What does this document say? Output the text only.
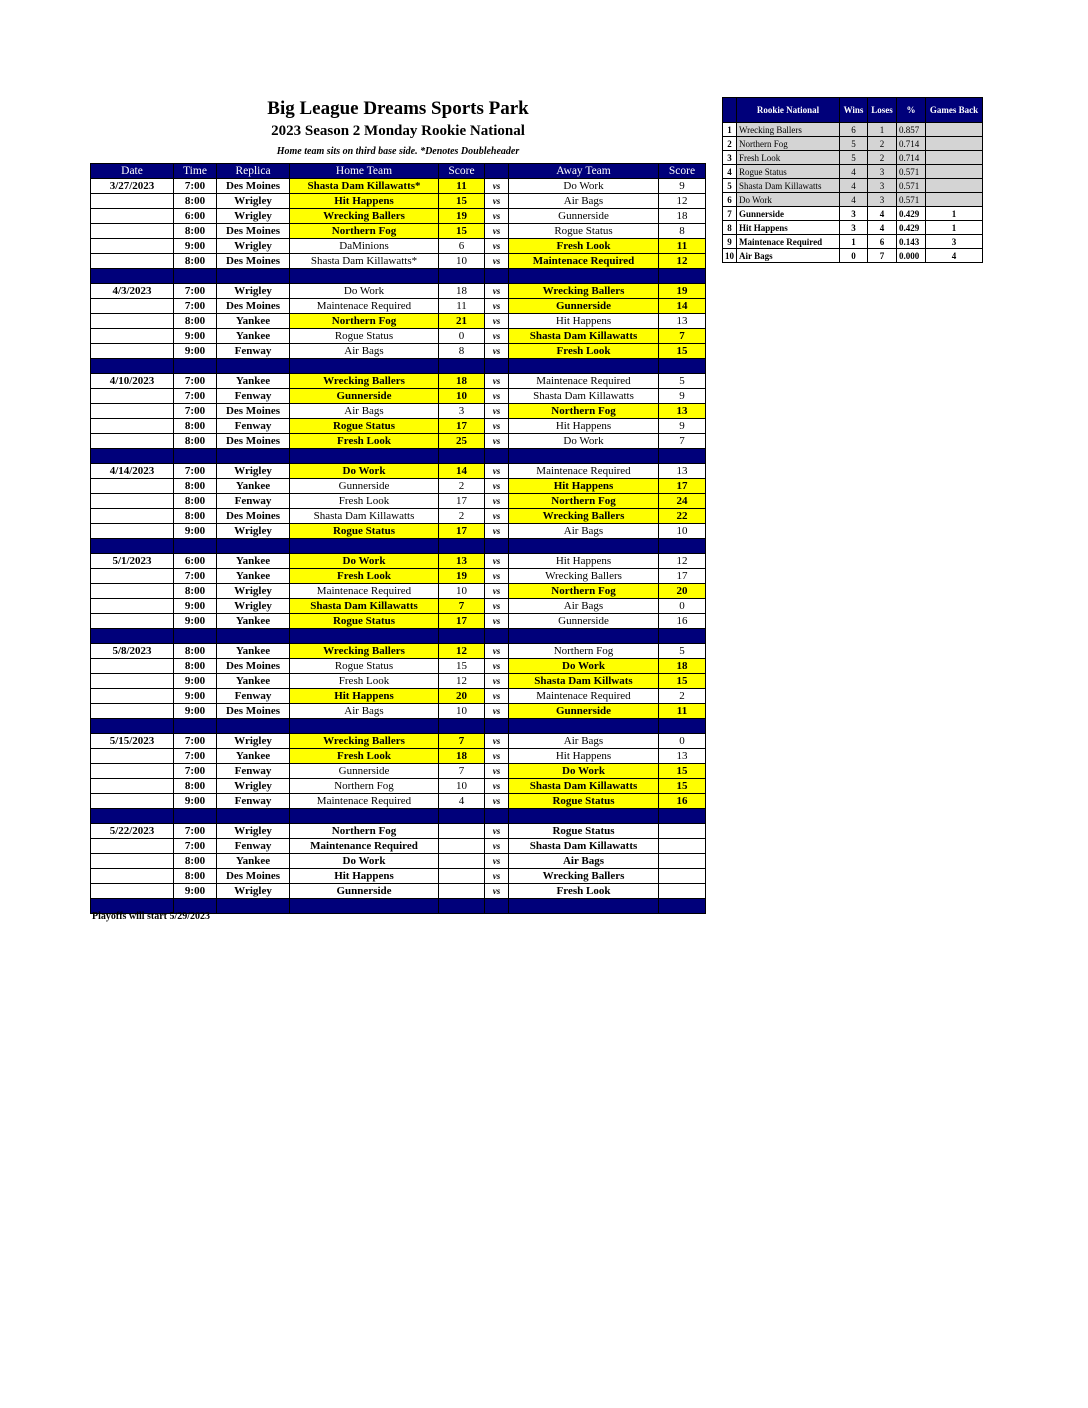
Big League Dreams Sports Park
2023 Season 2 Monday Rookie National
Home team sits on third base side. *Denotes Doubleheader
Date	Time	Replica	Home Team	Score		Away Team	Score
3/27/2023	7:00	Des Moines	Shasta Dam Killawatts*	11	vs	Do Work	9
	8:00	Wrigley	Hit Happens	15	vs	Air Bags	12
	6:00	Wrigley	Wrecking Ballers	19	vs	Gunnerside	18
	8:00	Des Moines	Northern Fog	15	vs	Rogue Status	8
	9:00	Wrigley	DaMinions	6	vs	Fresh Look	11
	8:00	Des Moines	Shasta Dam Killawatts*	10	vs	Maintenace Required	12

4/3/2023	7:00	Wrigley	Do Work	18	vs	Wrecking Ballers	19
	7:00	Des Moines	Maintenace Required	11	vs	Gunnerside	14
	8:00	Yankee	Northern Fog	21	vs	Hit Happens	13
	9:00	Yankee	Rogue Status	0	vs	Shasta Dam Killawatts	7
	9:00	Fenway	Air Bags	8	vs	Fresh Look	15

4/10/2023	7:00	Yankee	Wrecking Ballers	18	vs	Maintenace Required	5
	7:00	Fenway	Gunnerside	10	vs	Shasta Dam Killawatts	9
	7:00	Des Moines	Air Bags	3	vs	Northern Fog	13
	8:00	Fenway	Rogue Status	17	vs	Hit Happens	9
	8:00	Des Moines	Fresh Look	25	vs	Do Work	7

4/14/2023	7:00	Wrigley	Do Work	14	vs	Maintenace Required	13
	8:00	Yankee	Gunnerside	2	vs	Hit Happens	17
	8:00	Fenway	Fresh Look	17	vs	Northern Fog	24
	8:00	Des Moines	Shasta Dam Killawatts	2	vs	Wrecking Ballers	22
	9:00	Wrigley	Rogue Status	17	vs	Air Bags	10

5/1/2023	6:00	Yankee	Do Work	13	vs	Hit Happens	12
	7:00	Yankee	Fresh Look	19	vs	Wrecking Ballers	17
	8:00	Wrigley	Maintenace Required	10	vs	Northern Fog	20
	9:00	Wrigley	Shasta Dam Killawatts	7	vs	Air Bags	0
	9:00	Yankee	Rogue Status	17	vs	Gunnerside	16

5/8/2023	8:00	Yankee	Wrecking Ballers	12	vs	Northern Fog	5
	8:00	Des Moines	Rogue Status	15	vs	Do Work	18
	9:00	Yankee	Fresh Look	12	vs	Shasta Dam Killwats	15
	9:00	Fenway	Hit Happens	20	vs	Maintenace Required	2
	9:00	Des Moines	Air Bags	10	vs	Gunnerside	11

5/15/2023	7:00	Wrigley	Wrecking Ballers	7	vs	Air Bags	0
	7:00	Yankee	Fresh Look	18	vs	Hit Happens	13
	7:00	Fenway	Gunnerside	7	vs	Do Work	15
	8:00	Wrigley	Northern Fog	10	vs	Shasta Dam Killawatts	15
	9:00	Fenway	Maintenace Required	4	vs	Rogue Status	16

5/22/2023	7:00	Wrigley	Northern Fog		vs	Rogue Status	
	7:00	Fenway	Maintenance Required		vs	Shasta Dam Killawatts	
	8:00	Yankee	Do Work		vs	Air Bags	
	8:00	Des Moines	Hit Happens		vs	Wrecking Ballers	
	9:00	Wrigley	Gunnerside		vs	Fresh Look	

Playoffs will start 5/29/2023
	Rookie National	Wins	Loses	%	Games Back
1	Wrecking Ballers	6	1	0.857	
2	Northern Fog	5	2	0.714	
3	Fresh Look	5	2	0.714	
4	Rogue Status	4	3	0.571	
5	Shasta Dam Killawatts	4	3	0.571	
6	Do Work	4	3	0.571	
7	Gunnerside	3	4	0.429	1
8	Hit Happens	3	4	0.429	1
9	Maintenace Required	1	6	0.143	3
10	Air Bags	0	7	0.000	4
